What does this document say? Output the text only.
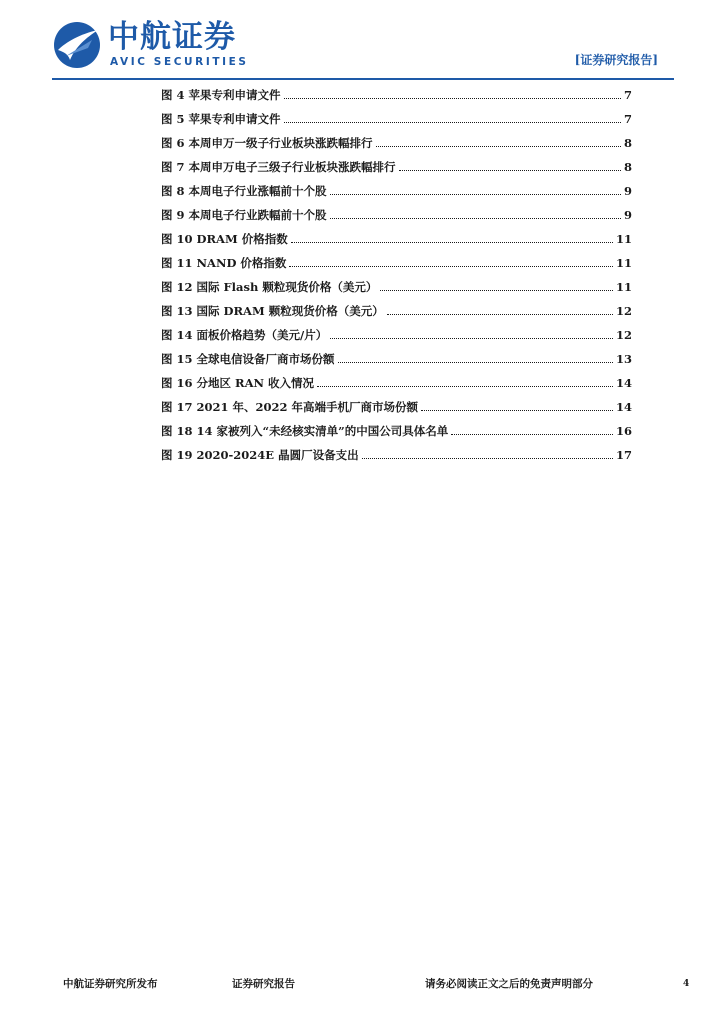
中航证券
AVIC SECURITIES	[证券研究报告]
图 4 苹果专利申请文件	7
图 5 苹果专利申请文件	7
图 6 本周申万一级子行业板块涨跌幅排行	8
图 7 本周申万电子三级子行业板块涨跌幅排行	8
图 8 本周电子行业涨幅前十个股	9
图 9 本周电子行业跌幅前十个股	9
图 10 DRAM 价格指数	11
图 11 NAND 价格指数	11
图 12 国际 Flash 颗粒现货价格（美元）	11
图 13 国际 DRAM 颗粒现货价格（美元）	12
图 14 面板价格趋势（美元/片）	12
图 15 全球电信设备厂商市场份额	13
图 16 分地区 RAN 收入情况	14
图 17 2021 年、2022 年高端手机厂商市场份额	14
图 18 14 家被列入“未经核实清单”的中国公司具体名单	16
图 19 2020-2024E 晶圆厂设备支出	17
中航证券研究所发布	证券研究报告	请务必阅读正文之后的免责声明部分	4
